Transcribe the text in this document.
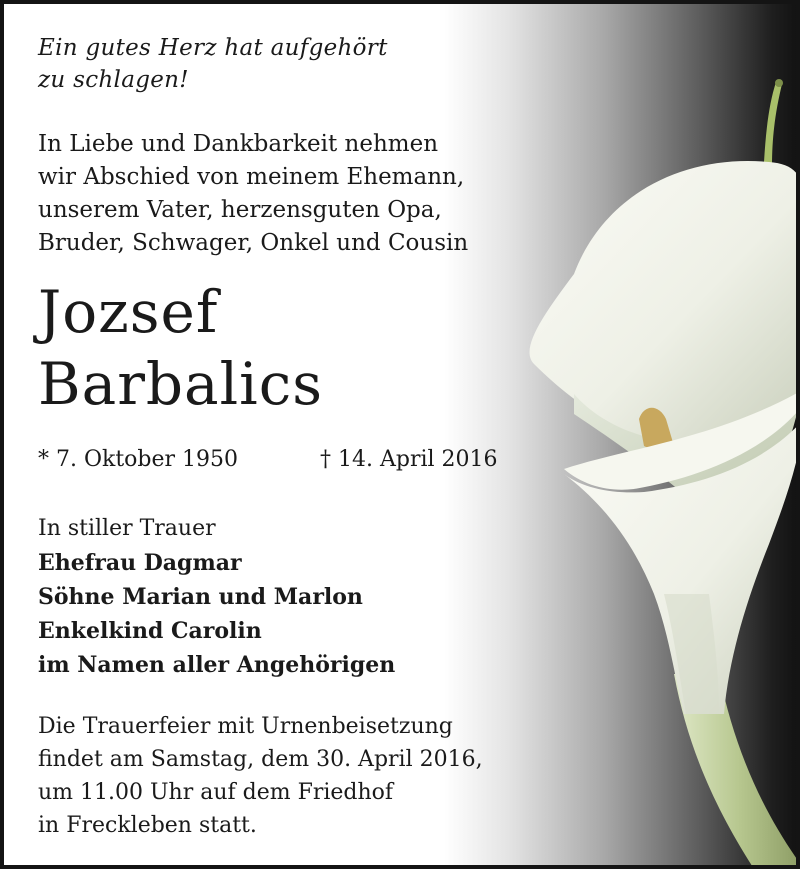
Ein gutes Herz hat aufgehört
zu schlagen!
In Liebe und Dankbarkeit nehmen
wir Abschied von meinem Ehemann,
unserem Vater, herzensguten Opa,
Bruder, Schwager, Onkel und Cousin
Jozsef
Barbalics
* 7. Oktober 1950	† 14. April 2016
In stiller Trauer
Ehefrau Dagmar
Söhne Marian und Marlon
Enkelkind Carolin
im Namen aller Angehörigen
Die Trauerfeier mit Urnenbeisetzung
findet am Samstag, dem 30. April 2016,
um 11.00 Uhr auf dem Friedhof
in Freckleben statt.
